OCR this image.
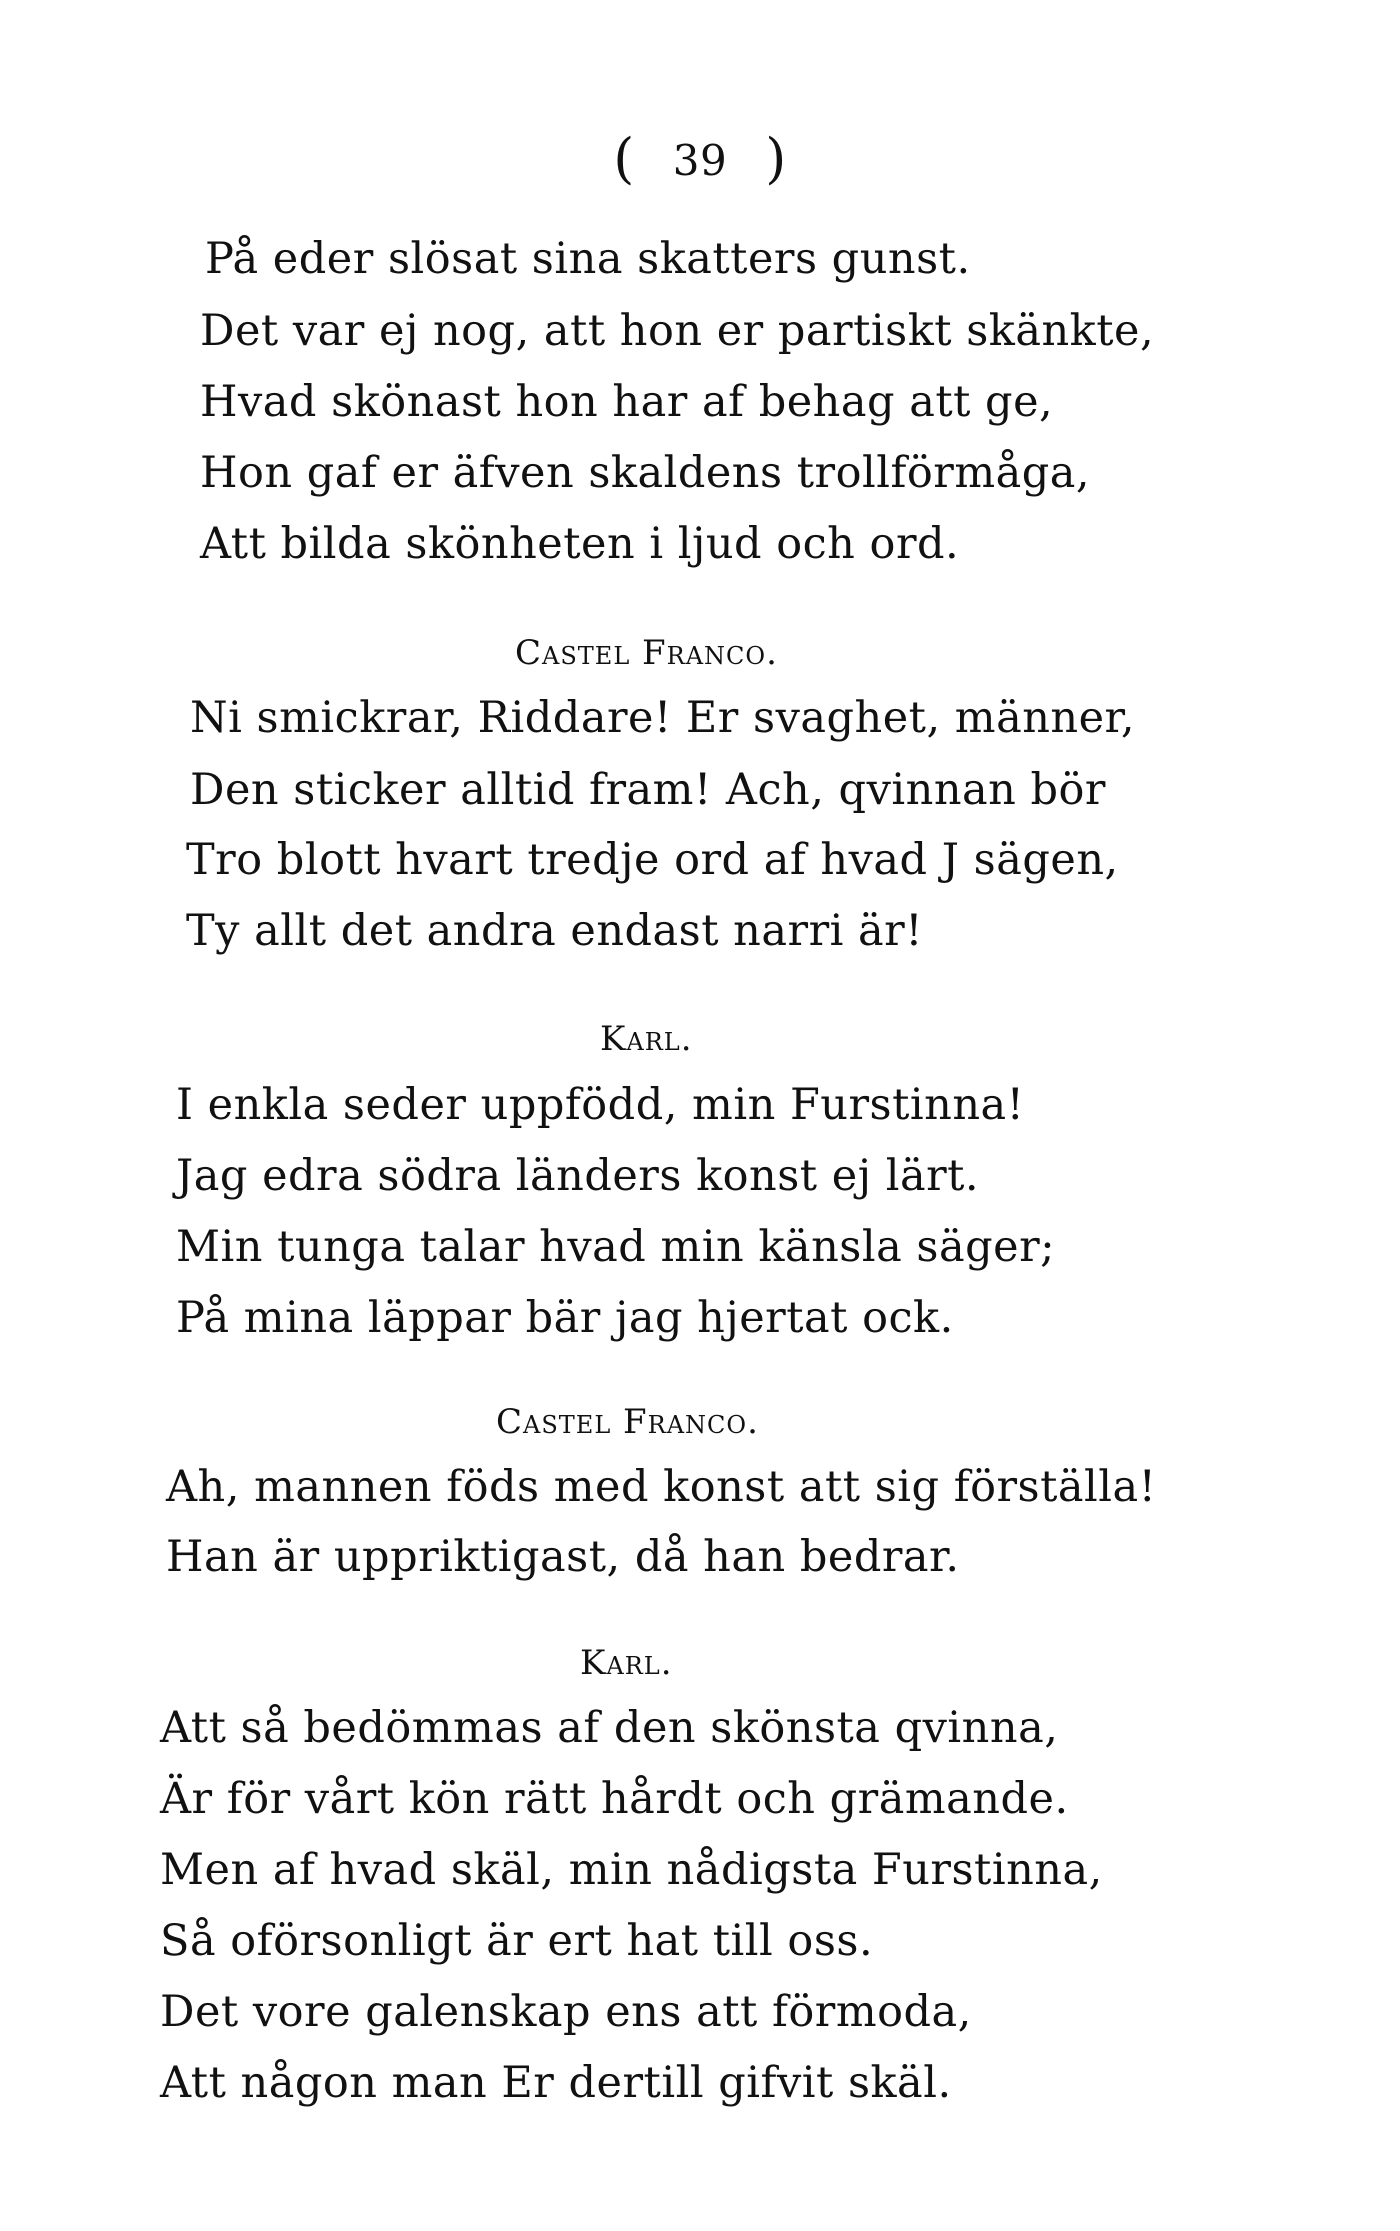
( 39 )
På eder slösat sina skatters gunst.
Det var ej nog, att hon er partiskt skänkte,
Hvad skönast hon har af behag att ge,
Hon gaf er äfven skaldens trollförmåga,
Att bilda skönheten i ljud och ord.
Castel Franco.
Ni smickrar, Riddare! Er svaghet, männer,
Den sticker alltid fram! Ach, qvinnan bör
Tro blott hvart tredje ord af hvad J sägen,
Ty allt det andra endast narri är!
Karl.
I enkla seder uppfödd, min Furstinna!
Jag edra södra länders konst ej lärt.
Min tunga talar hvad min känsla säger;
På mina läppar bär jag hjertat ock.
Castel Franco.
Ah, mannen föds med konst att sig förställa!
Han är uppriktigast, då han bedrar.
Karl.
Att så bedömmas af den skönsta qvinna,
Är för vårt kön rätt hårdt och grämande.
Men af hvad skäl, min nådigsta Furstinna,
Så oförsonligt är ert hat till oss.
Det vore galenskap ens att förmoda,
Att någon man Er dertill gifvit skäl.
